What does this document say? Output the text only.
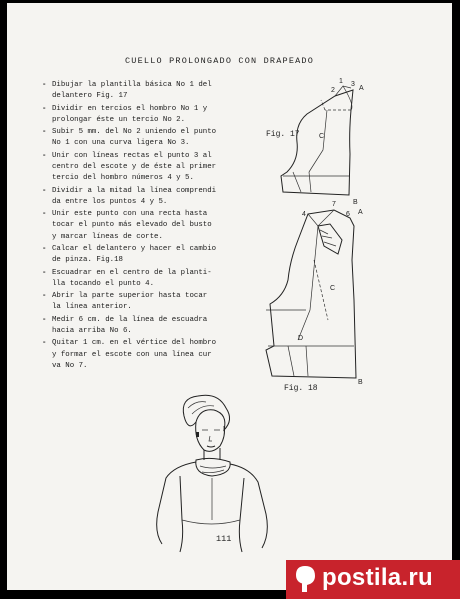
CUELLO PROLONGADO CON DRAPEADO
- Dibujar la plantilla básica No 1 del
delantero Fig. 17
- Dividir en tercios el hombro No 1 y
prolongar éste un tercio No 2.
- Subir 5 mm. del No 2 uniendo el punto
No 1 con una curva ligera No 3.
- Unir con líneas rectas el punto 3 al
centro del escote y de éste al primer
tercio del hombro números 4 y 5.
- Dividir a la mitad la línea comprendi
da entre los puntos 4 y 5.
- Unir este punto con una recta hasta
tocar el punto más elevado del busto
y marcar líneas de corte.
- Calcar el delantero y hacer el cambio
de pinza. Fig.18
- Escuadrar en el centro de la planti-
lla tocando el punto 4.
- Abrir la parte superior hasta tocar
la línea anterior.
- Medir 6 cm. de la línea de escuadra
hacia arriba No 6.
- Quitar 1 cm. en el vértice del hombro
y formar el escote con una línea cur
va No 7.
C
3
A
2
1
B
Fig. 17
C
D
4
7
6 A
B
Fig. 18
111
postila.ru
